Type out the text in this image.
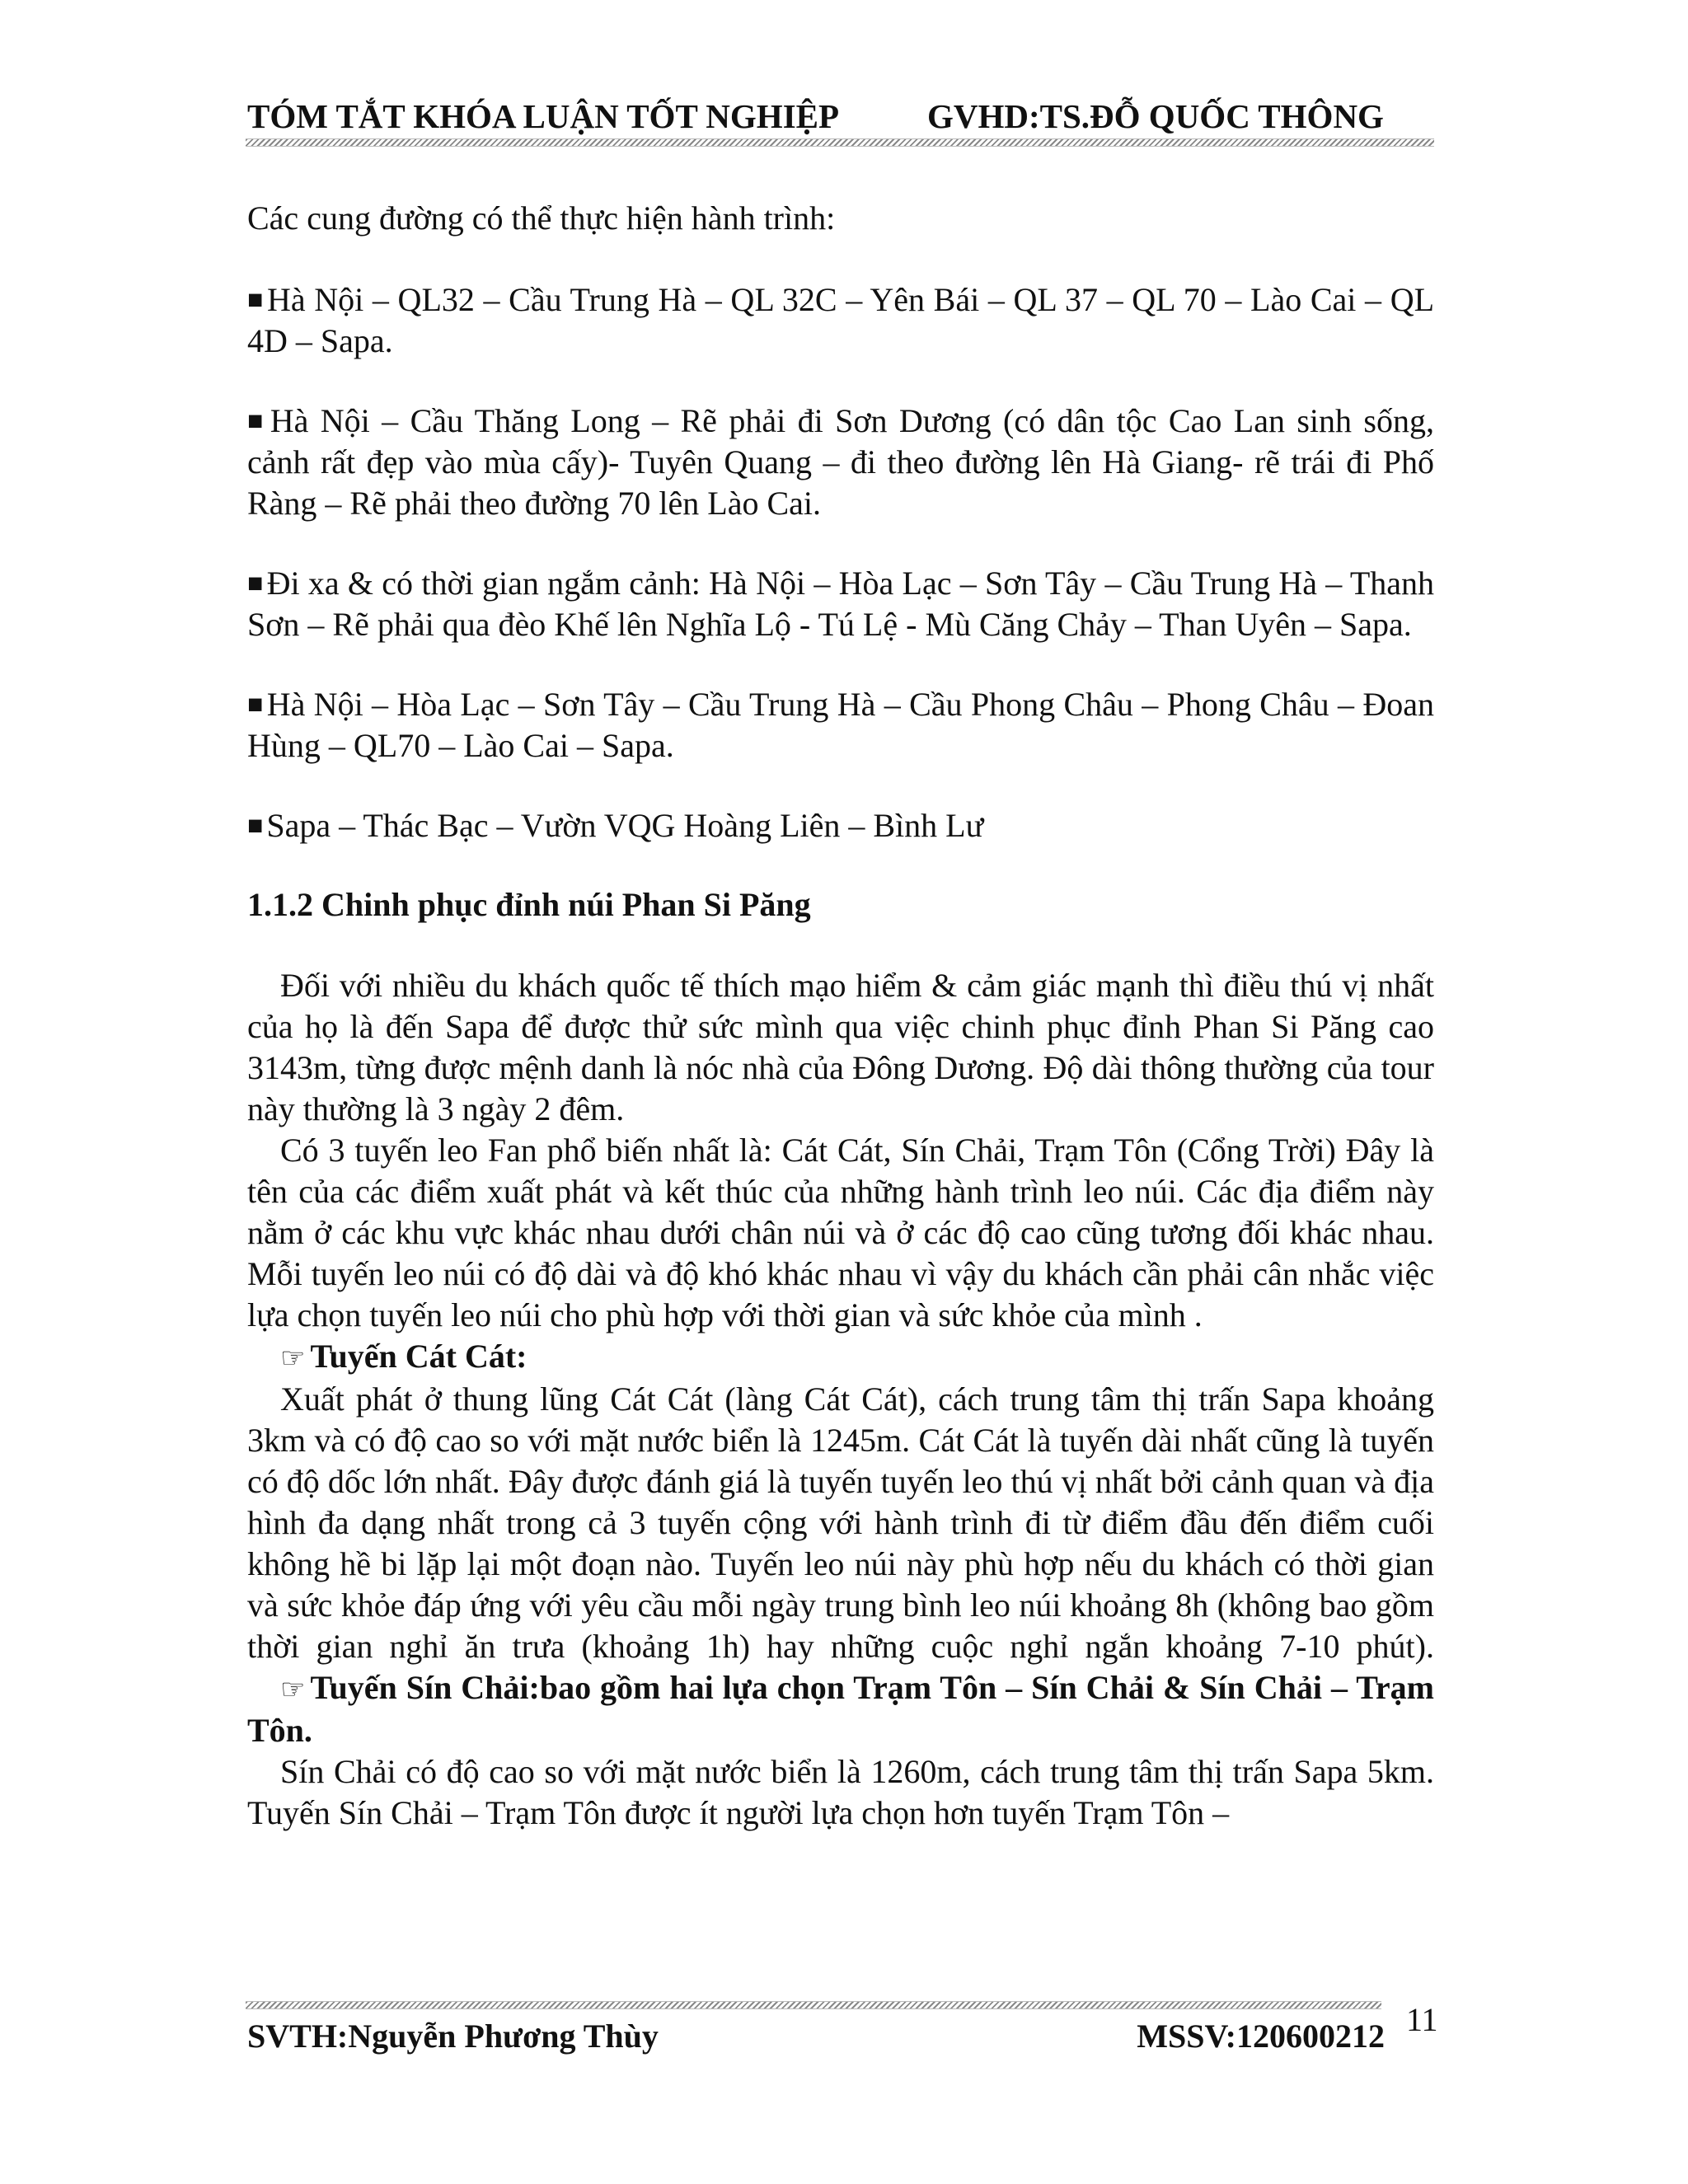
TÓM TẮT KHÓA LUẬN TỐT NGHIỆP	GVHD:TS.ĐỖ QUỐC THÔNG

Các cung đường có thể thực hiện hành trình:

■ Hà Nội – QL32 – Cầu Trung Hà – QL 32C – Yên Bái – QL 37 – QL 70 – Lào Cai – QL 4D – Sapa.

■ Hà Nội – Cầu Thăng Long – Rẽ phải đi Sơn Dương (có dân tộc Cao Lan sinh sống, cảnh rất đẹp vào mùa cấy)- Tuyên Quang – đi theo đường lên Hà Giang- rẽ trái đi Phố Ràng – Rẽ phải theo đường 70 lên Lào Cai.

■ Đi xa & có thời gian ngắm cảnh: Hà Nội – Hòa Lạc – Sơn Tây – Cầu Trung Hà – Thanh Sơn – Rẽ phải qua đèo Khế lên Nghĩa Lộ - Tú Lệ - Mù Căng Chảy – Than Uyên – Sapa.

■ Hà Nội – Hòa Lạc – Sơn Tây – Cầu Trung Hà – Cầu Phong Châu – Phong Châu – Đoan Hùng – QL70 – Lào Cai – Sapa.

■ Sapa – Thác Bạc – Vườn VQG Hoàng Liên – Bình Lư

1.1.2 Chinh phục đỉnh núi Phan Si Păng

Đối với nhiều du khách quốc tế thích mạo hiểm & cảm giác mạnh thì điều thú vị nhất của họ là đến Sapa để được thử sức mình qua việc chinh phục đỉnh Phan Si Păng cao 3143m, từng được mệnh danh là nóc nhà của Đông Dương. Độ dài thông thường của tour này thường là 3 ngày 2 đêm.

Có 3 tuyến leo Fan phổ biến nhất là: Cát Cát, Sín Chải, Trạm Tôn (Cổng Trời) Đây là tên của các điểm xuất phát và kết thúc của những hành trình leo núi. Các địa điểm này nằm ở các khu vực khác nhau dưới chân núi và ở các độ cao cũng tương đối khác nhau. Mỗi tuyến leo núi có độ dài và độ khó khác nhau vì vậy du khách cần phải cân nhắc việc lựa chọn tuyến leo núi cho phù hợp với thời gian và sức khỏe của mình .

☞ Tuyến Cát Cát:

Xuất phát ở thung lũng Cát Cát (làng Cát Cát), cách trung tâm thị trấn Sapa khoảng 3km và có độ cao so với mặt nước biển là 1245m. Cát Cát là tuyến dài nhất cũng là tuyến có độ dốc lớn nhất. Đây được đánh giá là tuyến tuyến leo thú vị nhất bởi cảnh quan và địa hình đa dạng nhất trong cả 3 tuyến cộng với hành trình đi từ điểm đầu đến điểm cuối không hề bi lặp lại một đoạn nào. Tuyến leo núi này phù hợp nếu du khách có thời gian và sức khỏe đáp ứng với yêu cầu mỗi ngày trung bình leo núi khoảng 8h (không bao gồm thời gian nghỉ ăn trưa (khoảng 1h) hay những cuộc nghỉ ngắn khoảng 7-10 phút).

☞ Tuyến Sín Chải:bao gồm hai lựa chọn Trạm Tôn – Sín Chải & Sín Chải – Trạm Tôn.

Sín Chải có độ cao so với mặt nước biển là 1260m, cách trung tâm thị trấn Sapa 5km. Tuyến Sín Chải – Trạm Tôn được ít người lựa chọn hơn tuyến Trạm Tôn –

SVTH:Nguyễn Phương Thùy	MSSV:120600212 11
